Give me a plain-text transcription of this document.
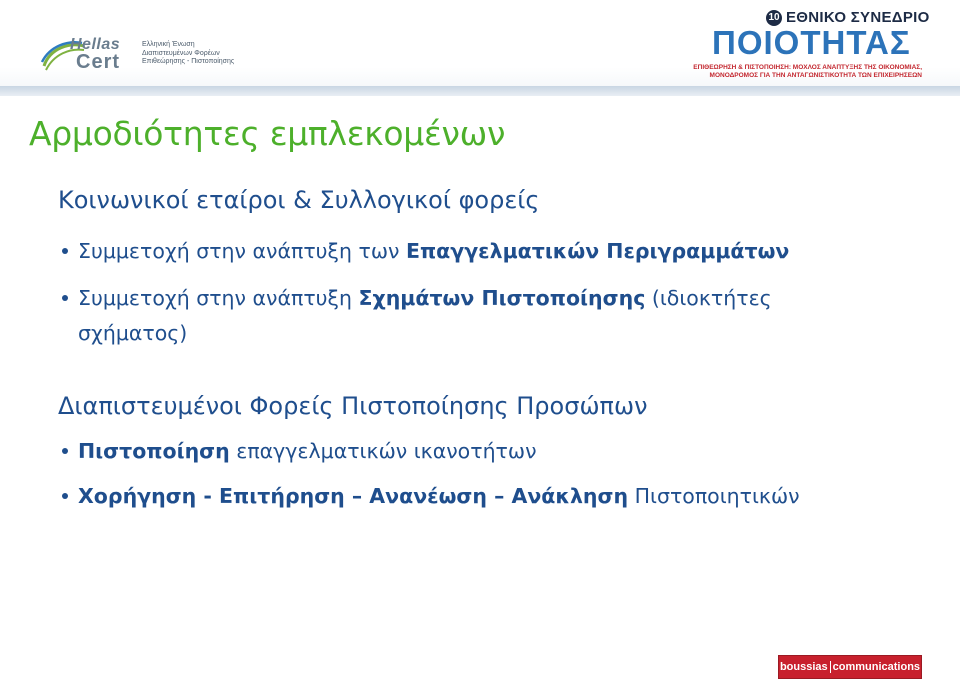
Hellas
Cert
Ελληνική Ένωση
Διαπιστευμένων Φορέων
Επιθεώρησης - Πιστοποίησης
10 ΕΘΝΙΚΟ ΣΥΝΕΔΡΙΟ
ΠΟΙΟΤΗΤΑΣ
ΕΠΙΘΕΩΡΗΣΗ & ΠΙΣΤΟΠΟΙΗΣΗ: ΜΟΧΛΟΣ ΑΝΑΠΤΥΞΗΣ ΤΗΣ ΟΙΚΟΝΟΜΙΑΣ,
ΜΟΝΟΔΡΟΜΟΣ ΓΙΑ ΤΗΝ ΑΝΤΑΓΩΝΙΣΤΙΚΟΤΗΤΑ ΤΩΝ ΕΠΙΧΕΙΡΗΣΕΩΝ
Αρμοδιότητες εμπλεκομένων
Κοινωνικοί εταίροι & Συλλογικοί φορείς
Συμμετοχή στην ανάπτυξη των Επαγγελματικών Περιγραμμάτων
Συμμετοχή στην ανάπτυξη Σχημάτων Πιστοποίησης (ιδιοκτήτες
σχήματος)
Διαπιστευμένοι Φορείς Πιστοποίησης Προσώπων
Πιστοποίηση επαγγελματικών ικανοτήτων
Χορήγηση - Επιτήρηση – Ανανέωση – Ανάκληση Πιστοποιητικών
boussias communications
